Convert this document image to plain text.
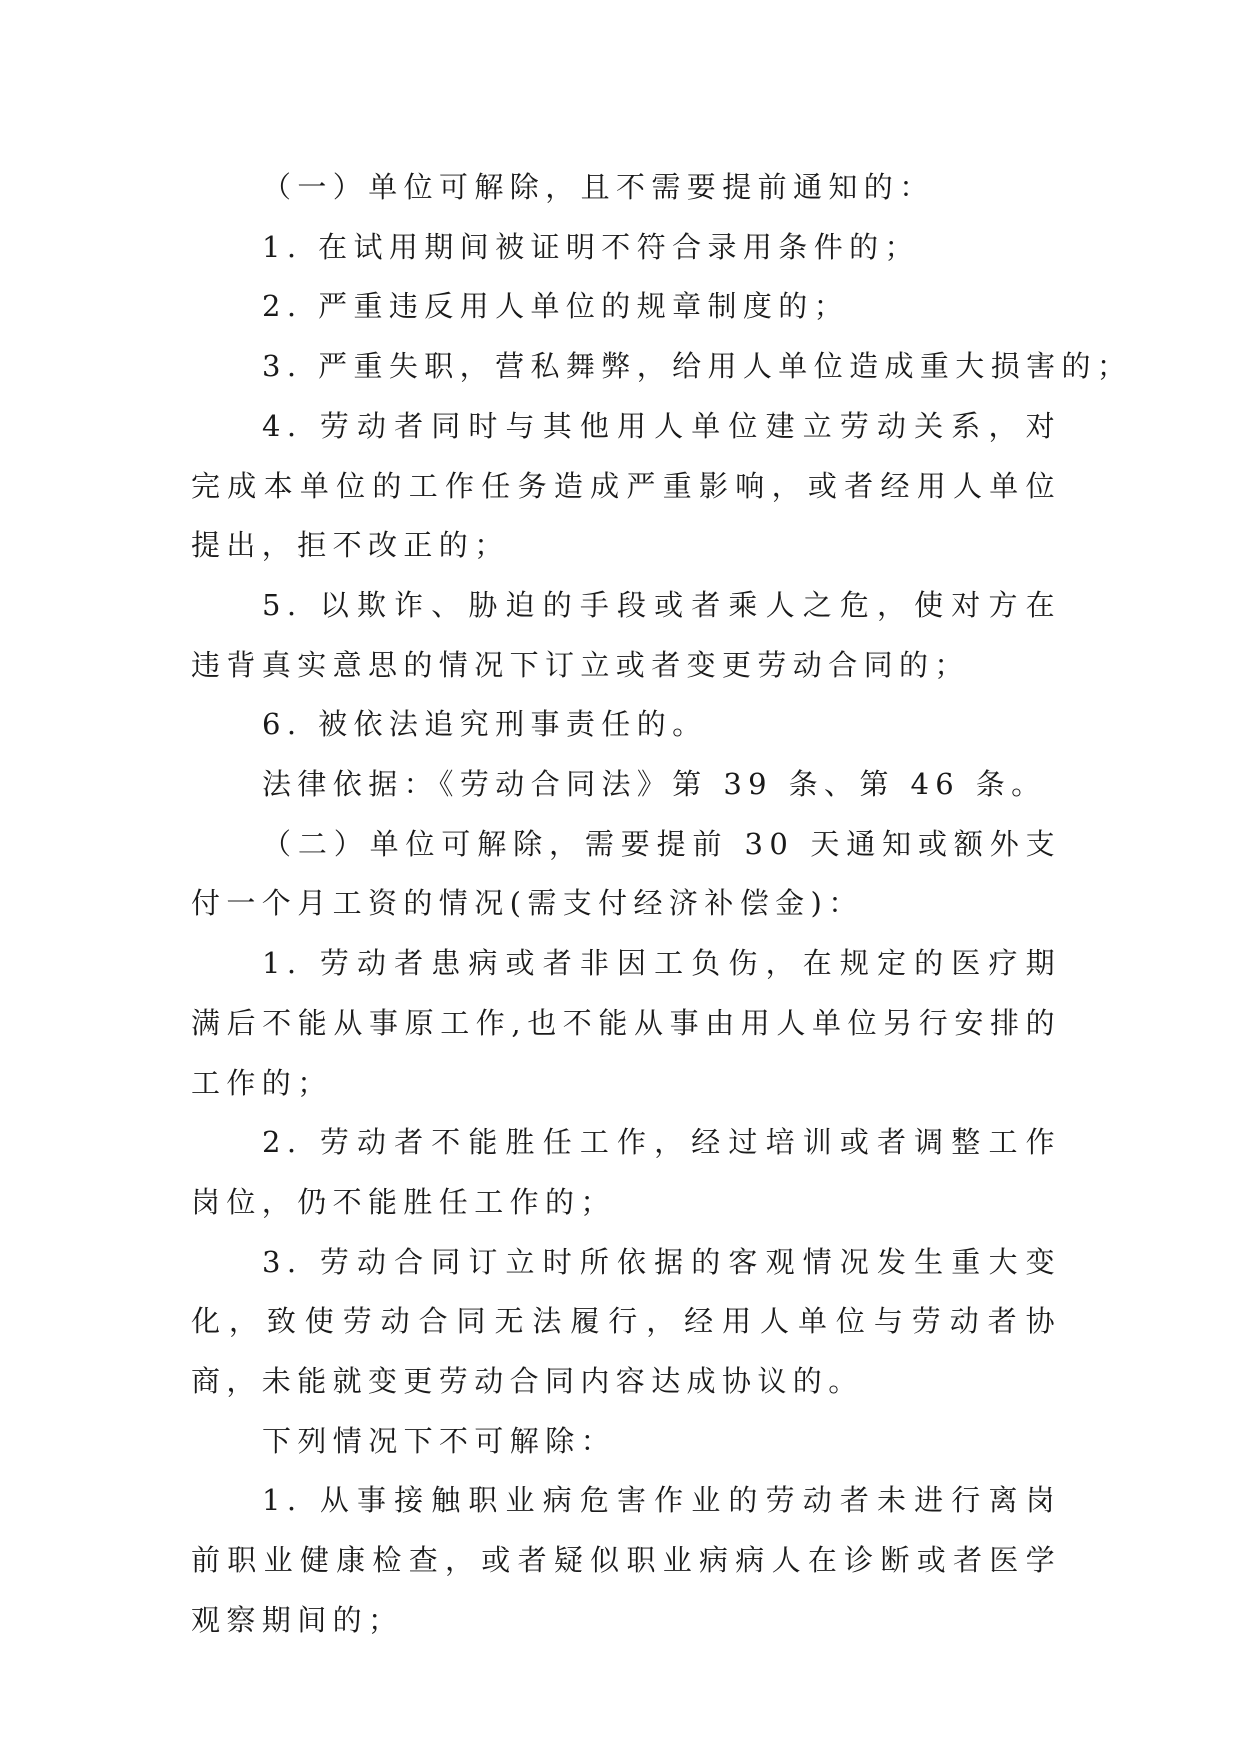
（一）单位可解除，且不需要提前通知的：

1. 在试用期间被证明不符合录用条件的；

2. 严重违反用人单位的规章制度的；

3. 严重失职，营私舞弊，给用人单位造成重大损害的；

4. 劳动者同时与其他用人单位建立劳动关系，对完成本单位的工作任务造成严重影响，或者经用人单位提出，拒不改正的；

5. 以欺诈、胁迫的手段或者乘人之危，使对方在违背真实意思的情况下订立或者变更劳动合同的；

6. 被依法追究刑事责任的。

法律依据：《劳动合同法》第 39 条、第 46 条。

（二）单位可解除，需要提前 30 天通知或额外支付一个月工资的情况(需支付经济补偿金)：

1. 劳动者患病或者非因工负伤，在规定的医疗期满后不能从事原工作,也不能从事由用人单位另行安排的工作的；

2. 劳动者不能胜任工作，经过培训或者调整工作岗位，仍不能胜任工作的；

3. 劳动合同订立时所依据的客观情况发生重大变化，致使劳动合同无法履行，经用人单位与劳动者协商，未能就变更劳动合同内容达成协议的。

下列情况下不可解除：

1. 从事接触职业病危害作业的劳动者未进行离岗前职业健康检查，或者疑似职业病病人在诊断或者医学观察期间的；
